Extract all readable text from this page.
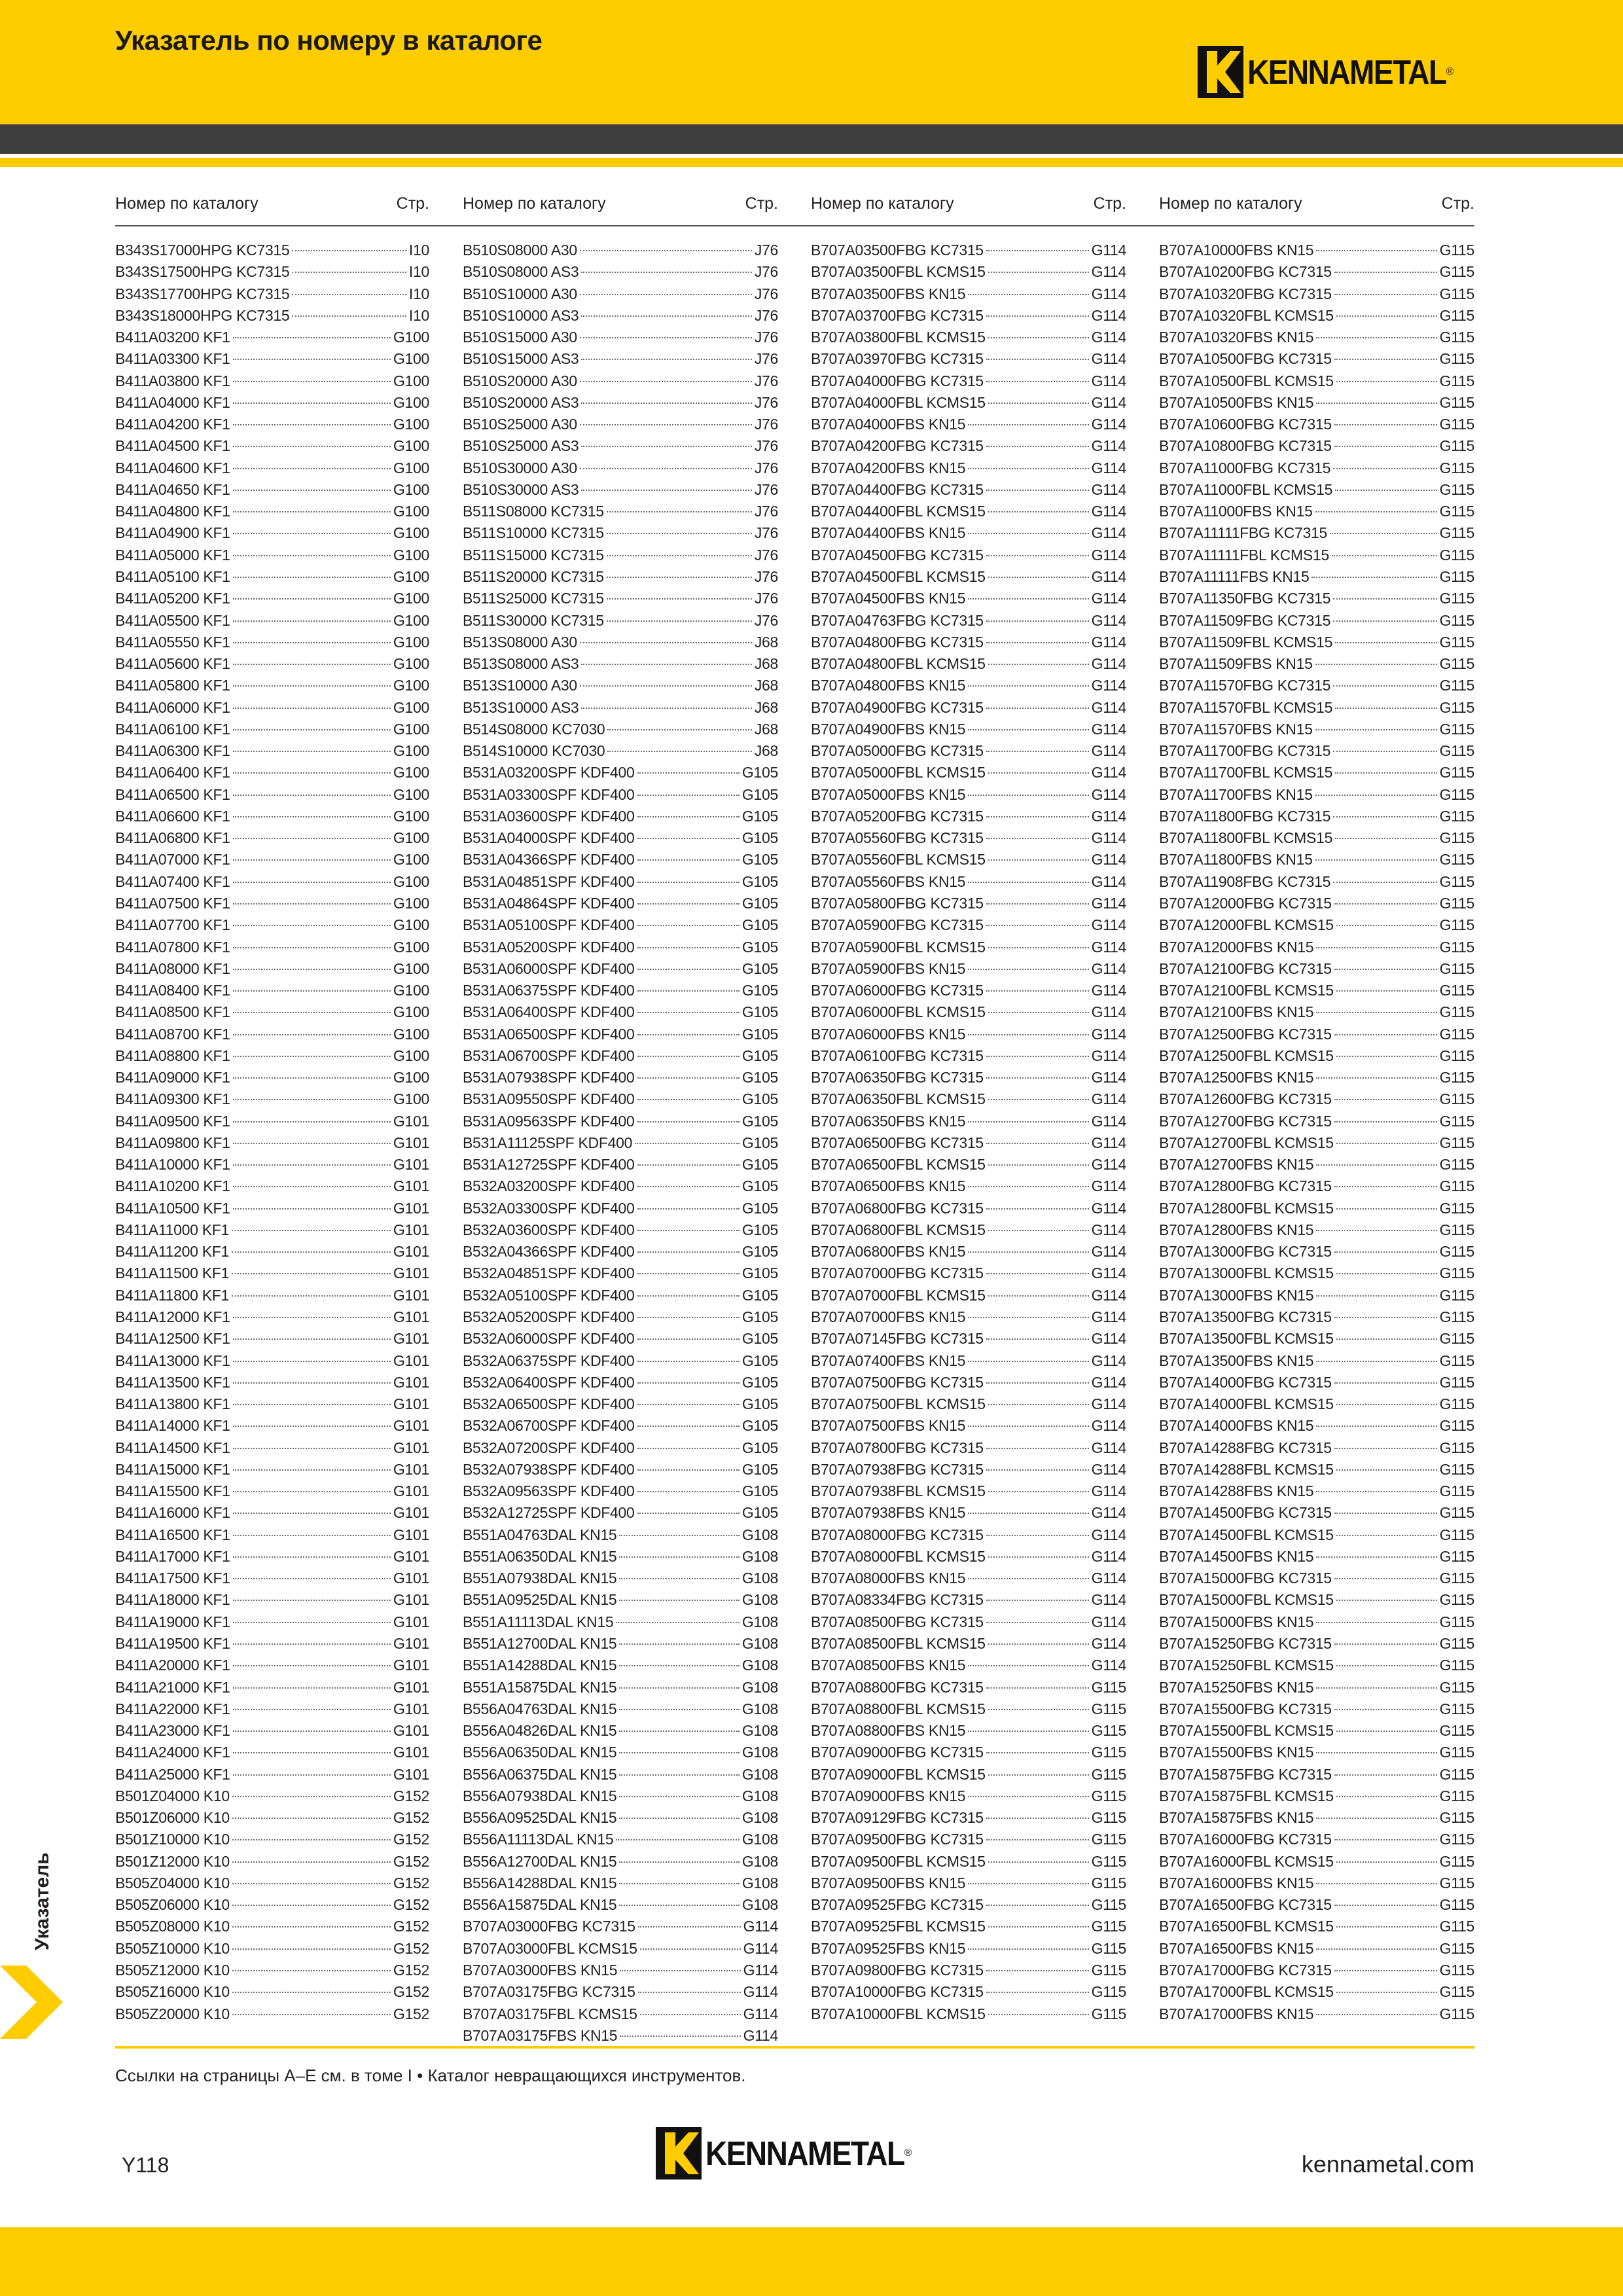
Указатель по номеру в каталоге
KENNAMETAL ®
Номер по каталогу	Стр. Номер по каталогу	Стр. Номер по каталогу	Стр. Номер по каталогу	Стр.
B343S17000HPG KC7315	I10
B343S17500HPG KC7315	I10
B343S17700HPG KC7315	I10
B343S18000HPG KC7315	I10
B411A03200 KF1	G100
B411A03300 KF1	G100
B411A03800 KF1	G100
B411A04000 KF1	G100
B411A04200 KF1	G100
B411A04500 KF1	G100
B411A04600 KF1	G100
B411A04650 KF1	G100
B411A04800 KF1	G100
B411A04900 KF1	G100
B411A05000 KF1	G100
B411A05100 KF1	G100
B411A05200 KF1	G100
B411A05500 KF1	G100
B411A05550 KF1	G100
B411A05600 KF1	G100
B411A05800 KF1	G100
B411A06000 KF1	G100
B411A06100 KF1	G100
B411A06300 KF1	G100
B411A06400 KF1	G100
B411A06500 KF1	G100
B411A06600 KF1	G100
B411A06800 KF1	G100
B411A07000 KF1	G100
B411A07400 KF1	G100
B411A07500 KF1	G100
B411A07700 KF1	G100
B411A07800 KF1	G100
B411A08000 KF1	G100
B411A08400 KF1	G100
B411A08500 KF1	G100
B411A08700 KF1	G100
B411A08800 KF1	G100
B411A09000 KF1	G100
B411A09300 KF1	G100
B411A09500 KF1	G101
B411A09800 KF1	G101
B411A10000 KF1	G101
B411A10200 KF1	G101
B411A10500 KF1	G101
B411A11000 KF1	G101
B411A11200 KF1	G101
B411A11500 KF1	G101
B411A11800 KF1	G101
B411A12000 KF1	G101
B411A12500 KF1	G101
B411A13000 KF1	G101
B411A13500 KF1	G101
B411A13800 KF1	G101
B411A14000 KF1	G101
B411A14500 KF1	G101
B411A15000 KF1	G101
B411A15500 KF1	G101
B411A16000 KF1	G101
B411A16500 KF1	G101
B411A17000 KF1	G101
B411A17500 KF1	G101
B411A18000 KF1	G101
B411A19000 KF1	G101
B411A19500 KF1	G101
B411A20000 KF1	G101
B411A21000 KF1	G101
B411A22000 KF1	G101
B411A23000 KF1	G101
B411A24000 KF1	G101
B411A25000 KF1	G101
B501Z04000 K10	G152
B501Z06000 K10	G152
B501Z10000 K10	G152
B501Z12000 K10	G152
B505Z04000 K10	G152
B505Z06000 K10	G152
B505Z08000 K10	G152
B505Z10000 K10	G152
B505Z12000 K10	G152
B505Z16000 K10	G152
B505Z20000 K10	G152
B510S08000 A30	J76
B510S08000 AS3	J76
B510S10000 A30	J76
B510S10000 AS3	J76
B510S15000 A30	J76
B510S15000 AS3	J76
B510S20000 A30	J76
B510S20000 AS3	J76
B510S25000 A30	J76
B510S25000 AS3	J76
B510S30000 A30	J76
B510S30000 AS3	J76
B511S08000 KC7315	J76
B511S10000 KC7315	J76
B511S15000 KC7315	J76
B511S20000 KC7315	J76
B511S25000 KC7315	J76
B511S30000 KC7315	J76
B513S08000 A30	J68
B513S08000 AS3	J68
B513S10000 A30	J68
B513S10000 AS3	J68
B514S08000 KC7030	J68
B514S10000 KC7030	J68
B531A03200SPF KDF400	G105
B531A03300SPF KDF400	G105
B531A03600SPF KDF400	G105
B531A04000SPF KDF400	G105
B531A04366SPF KDF400	G105
B531A04851SPF KDF400	G105
B531A04864SPF KDF400	G105
B531A05100SPF KDF400	G105
B531A05200SPF KDF400	G105
B531A06000SPF KDF400	G105
B531A06375SPF KDF400	G105
B531A06400SPF KDF400	G105
B531A06500SPF KDF400	G105
B531A06700SPF KDF400	G105
B531A07938SPF KDF400	G105
B531A09550SPF KDF400	G105
B531A09563SPF KDF400	G105
B531A11125SPF KDF400	G105
B531A12725SPF KDF400	G105
B532A03200SPF KDF400	G105
B532A03300SPF KDF400	G105
B532A03600SPF KDF400	G105
B532A04366SPF KDF400	G105
B532A04851SPF KDF400	G105
B532A05100SPF KDF400	G105
B532A05200SPF KDF400	G105
B532A06000SPF KDF400	G105
B532A06375SPF KDF400	G105
B532A06400SPF KDF400	G105
B532A06500SPF KDF400	G105
B532A06700SPF KDF400	G105
B532A07200SPF KDF400	G105
B532A07938SPF KDF400	G105
B532A09563SPF KDF400	G105
B532A12725SPF KDF400	G105
B551A04763DAL KN15	G108
B551A06350DAL KN15	G108
B551A07938DAL KN15	G108
B551A09525DAL KN15	G108
B551A11113DAL KN15	G108
B551A12700DAL KN15	G108
B551A14288DAL KN15	G108
B551A15875DAL KN15	G108
B556A04763DAL KN15	G108
B556A04826DAL KN15	G108
B556A06350DAL KN15	G108
B556A06375DAL KN15	G108
B556A07938DAL KN15	G108
B556A09525DAL KN15	G108
B556A11113DAL KN15	G108
B556A12700DAL KN15	G108
B556A14288DAL KN15	G108
B556A15875DAL KN15	G108
B707A03000FBG KC7315	G114
B707A03000FBL KCMS15	G114
B707A03000FBS KN15	G114
B707A03175FBG KC7315	G114
B707A03175FBL KCMS15	G114
B707A03175FBS KN15	G114
B707A03500FBG KC7315	G114
B707A03500FBL KCMS15	G114
B707A03500FBS KN15	G114
B707A03700FBG KC7315	G114
B707A03800FBL KCMS15	G114
B707A03970FBG KC7315	G114
B707A04000FBG KC7315	G114
B707A04000FBL KCMS15	G114
B707A04000FBS KN15	G114
B707A04200FBG KC7315	G114
B707A04200FBS KN15	G114
B707A04400FBG KC7315	G114
B707A04400FBL KCMS15	G114
B707A04400FBS KN15	G114
B707A04500FBG KC7315	G114
B707A04500FBL KCMS15	G114
B707A04500FBS KN15	G114
B707A04763FBG KC7315	G114
B707A04800FBG KC7315	G114
B707A04800FBL KCMS15	G114
B707A04800FBS KN15	G114
B707A04900FBG KC7315	G114
B707A04900FBS KN15	G114
B707A05000FBG KC7315	G114
B707A05000FBL KCMS15	G114
B707A05000FBS KN15	G114
B707A05200FBG KC7315	G114
B707A05560FBG KC7315	G114
B707A05560FBL KCMS15	G114
B707A05560FBS KN15	G114
B707A05800FBG KC7315	G114
B707A05900FBG KC7315	G114
B707A05900FBL KCMS15	G114
B707A05900FBS KN15	G114
B707A06000FBG KC7315	G114
B707A06000FBL KCMS15	G114
B707A06000FBS KN15	G114
B707A06100FBG KC7315	G114
B707A06350FBG KC7315	G114
B707A06350FBL KCMS15	G114
B707A06350FBS KN15	G114
B707A06500FBG KC7315	G114
B707A06500FBL KCMS15	G114
B707A06500FBS KN15	G114
B707A06800FBG KC7315	G114
B707A06800FBL KCMS15	G114
B707A06800FBS KN15	G114
B707A07000FBG KC7315	G114
B707A07000FBL KCMS15	G114
B707A07000FBS KN15	G114
B707A07145FBG KC7315	G114
B707A07400FBS KN15	G114
B707A07500FBG KC7315	G114
B707A07500FBL KCMS15	G114
B707A07500FBS KN15	G114
B707A07800FBG KC7315	G114
B707A07938FBG KC7315	G114
B707A07938FBL KCMS15	G114
B707A07938FBS KN15	G114
B707A08000FBG KC7315	G114
B707A08000FBL KCMS15	G114
B707A08000FBS KN15	G114
B707A08334FBG KC7315	G114
B707A08500FBG KC7315	G114
B707A08500FBL KCMS15	G114
B707A08500FBS KN15	G114
B707A08800FBG KC7315	G115
B707A08800FBL KCMS15	G115
B707A08800FBS KN15	G115
B707A09000FBG KC7315	G115
B707A09000FBL KCMS15	G115
B707A09000FBS KN15	G115
B707A09129FBG KC7315	G115
B707A09500FBG KC7315	G115
B707A09500FBL KCMS15	G115
B707A09500FBS KN15	G115
B707A09525FBG KC7315	G115
B707A09525FBL KCMS15	G115
B707A09525FBS KN15	G115
B707A09800FBG KC7315	G115
B707A10000FBG KC7315	G115
B707A10000FBL KCMS15	G115
B707A10000FBS KN15	G115
B707A10200FBG KC7315	G115
B707A10320FBG KC7315	G115
B707A10320FBL KCMS15	G115
B707A10320FBS KN15	G115
B707A10500FBG KC7315	G115
B707A10500FBL KCMS15	G115
B707A10500FBS KN15	G115
B707A10600FBG KC7315	G115
B707A10800FBG KC7315	G115
B707A11000FBG KC7315	G115
B707A11000FBL KCMS15	G115
B707A11000FBS KN15	G115
B707A11111FBG KC7315	G115
B707A11111FBL KCMS15	G115
B707A11111FBS KN15	G115
B707A11350FBG KC7315	G115
B707A11509FBG KC7315	G115
B707A11509FBL KCMS15	G115
B707A11509FBS KN15	G115
B707A11570FBG KC7315	G115
B707A11570FBL KCMS15	G115
B707A11570FBS KN15	G115
B707A11700FBG KC7315	G115
B707A11700FBL KCMS15	G115
B707A11700FBS KN15	G115
B707A11800FBG KC7315	G115
B707A11800FBL KCMS15	G115
B707A11800FBS KN15	G115
B707A11908FBG KC7315	G115
B707A12000FBG KC7315	G115
B707A12000FBL KCMS15	G115
B707A12000FBS KN15	G115
B707A12100FBG KC7315	G115
B707A12100FBL KCMS15	G115
B707A12100FBS KN15	G115
B707A12500FBG KC7315	G115
B707A12500FBL KCMS15	G115
B707A12500FBS KN15	G115
B707A12600FBG KC7315	G115
B707A12700FBG KC7315	G115
B707A12700FBL KCMS15	G115
B707A12700FBS KN15	G115
B707A12800FBG KC7315	G115
B707A12800FBL KCMS15	G115
B707A12800FBS KN15	G115
B707A13000FBG KC7315	G115
B707A13000FBL KCMS15	G115
B707A13000FBS KN15	G115
B707A13500FBG KC7315	G115
B707A13500FBL KCMS15	G115
B707A13500FBS KN15	G115
B707A14000FBG KC7315	G115
B707A14000FBL KCMS15	G115
B707A14000FBS KN15	G115
B707A14288FBG KC7315	G115
B707A14288FBL KCMS15	G115
B707A14288FBS KN15	G115
B707A14500FBG KC7315	G115
B707A14500FBL KCMS15	G115
B707A14500FBS KN15	G115
B707A15000FBG KC7315	G115
B707A15000FBL KCMS15	G115
B707A15000FBS KN15	G115
B707A15250FBG KC7315	G115
B707A15250FBL KCMS15	G115
B707A15250FBS KN15	G115
B707A15500FBG KC7315	G115
B707A15500FBL KCMS15	G115
B707A15500FBS KN15	G115
B707A15875FBG KC7315	G115
B707A15875FBL KCMS15	G115
B707A15875FBS KN15	G115
B707A16000FBG KC7315	G115
B707A16000FBL KCMS15	G115
B707A16000FBS KN15	G115
B707A16500FBG KC7315	G115
B707A16500FBL KCMS15	G115
B707A16500FBS KN15	G115
B707A17000FBG KC7315	G115
B707A17000FBL KCMS15	G115
B707A17000FBS KN15	G115
Ссылки на страницы А–Е см. в томе I • Каталог невращающихся инструментов.
Указатель
Y118	KENNAMETAL ®	kennametal.com
